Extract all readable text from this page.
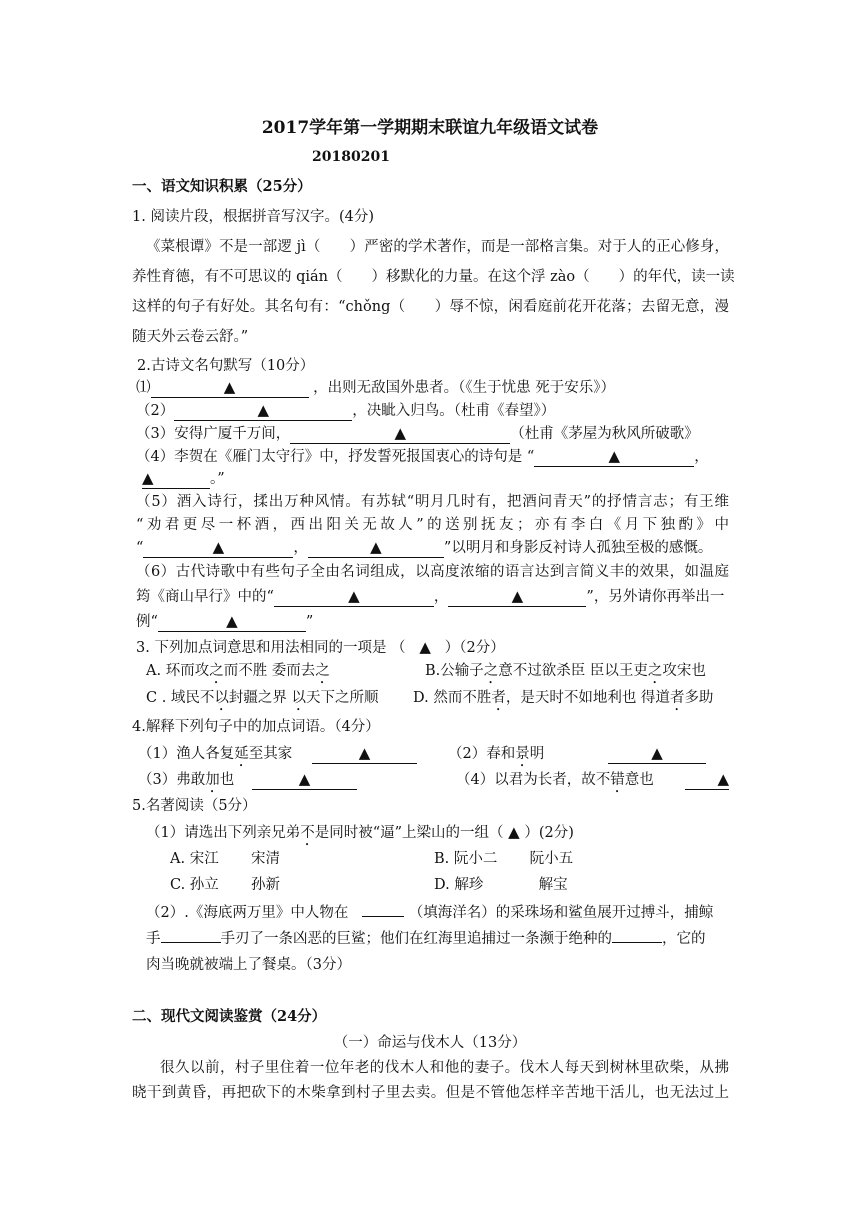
2017学年第一学期期末联谊九年级语文试卷
20180201
一、语文知识积累（25分）
1. 阅读片段，根据拼音写汉字。(4分)
《菜根谭》不是一部逻 jì（　　）严密的学术著作，而是一部格言集。对于人的正心修身，
养性育德，有不可思议的 qián（　　）移默化的力量。在这个浮 zào（　　）的年代，读一读
这样的句子有好处。其名句有：“chǒng（　　）辱不惊，闲看庭前花开花落；去留无意，漫
随天外云卷云舒。”
2.古诗文名句默写（10分）
⑴	▲	，出则无敌国外患者。（《生于忧患 死于安乐》）
（2）	▲	，决眦入归鸟。（杜甫《春望》）
（3）安得广厦千万间，	▲	（杜甫《茅屋为秋风所破歌》
（4）李贺在《雁门太守行》中，抒发誓死报国衷心的诗句是 “	▲	，
▲	。”
（5）酒入诗行，揉出万种风情。有苏轼“明月几时有，把酒问青天”的抒情言志；有王维
“劝君更尽一杯酒，西出阳关无故人”的送别抚友；亦有李白《月下独酌》中
“	▲	，	▲	”以明月和身影反衬诗人孤独至极的感慨。
（6）古代诗歌中有些句子全由名词组成，以高度浓缩的语言达到言简义丰的效果，如温庭
筠《商山早行》中的“	▲	，	▲	”，另外请你再举出一
例“	▲	”
3. 下列加点词意思和用法相同的一项是 （ ▲ ）（2分）
A. 环而攻之而不胜 委而去之	B.公输子之意不过欲杀臣 臣以王吏之攻宋也
C . 域民不以封疆之界 以天下之所顺 D. 然而不胜者，是天时不如地利也 得道者多助
4.解释下列句子中的加点词语。（4分）
（1）渔人各复延至其家	▲	（2）春和景明	▲
（3）弗敢加也	▲	（4）以君为长者，故不错意也	▲
5.名著阅读（5分）
（1）请选出下列亲兄弟不是同时被“逼”上梁山的一组（ ▲ ）(2分)
A. 宋江       宋清	B. 阮小二       阮小五
C. 孙立       孙新	D. 解珍            解宝
（2）.《海底两万里》中人物在	（填海洋名）的采珠场和鲨鱼展开过搏斗，捕鲸
手	手刃了一条凶恶的巨鲨；他们在红海里追捕过一条濒于绝种的	，它的
肉当晚就被端上了餐桌。（3分）
二、现代文阅读鉴赏（24分）
（一）命运与伐木人（13分）
很久以前，村子里住着一位年老的伐木人和他的妻子。伐木人每天到树林里砍柴，从拂
晓干到黄昏，再把砍下的木柴拿到村子里去卖。但是不管他怎样辛苦地干活儿，也无法过上
